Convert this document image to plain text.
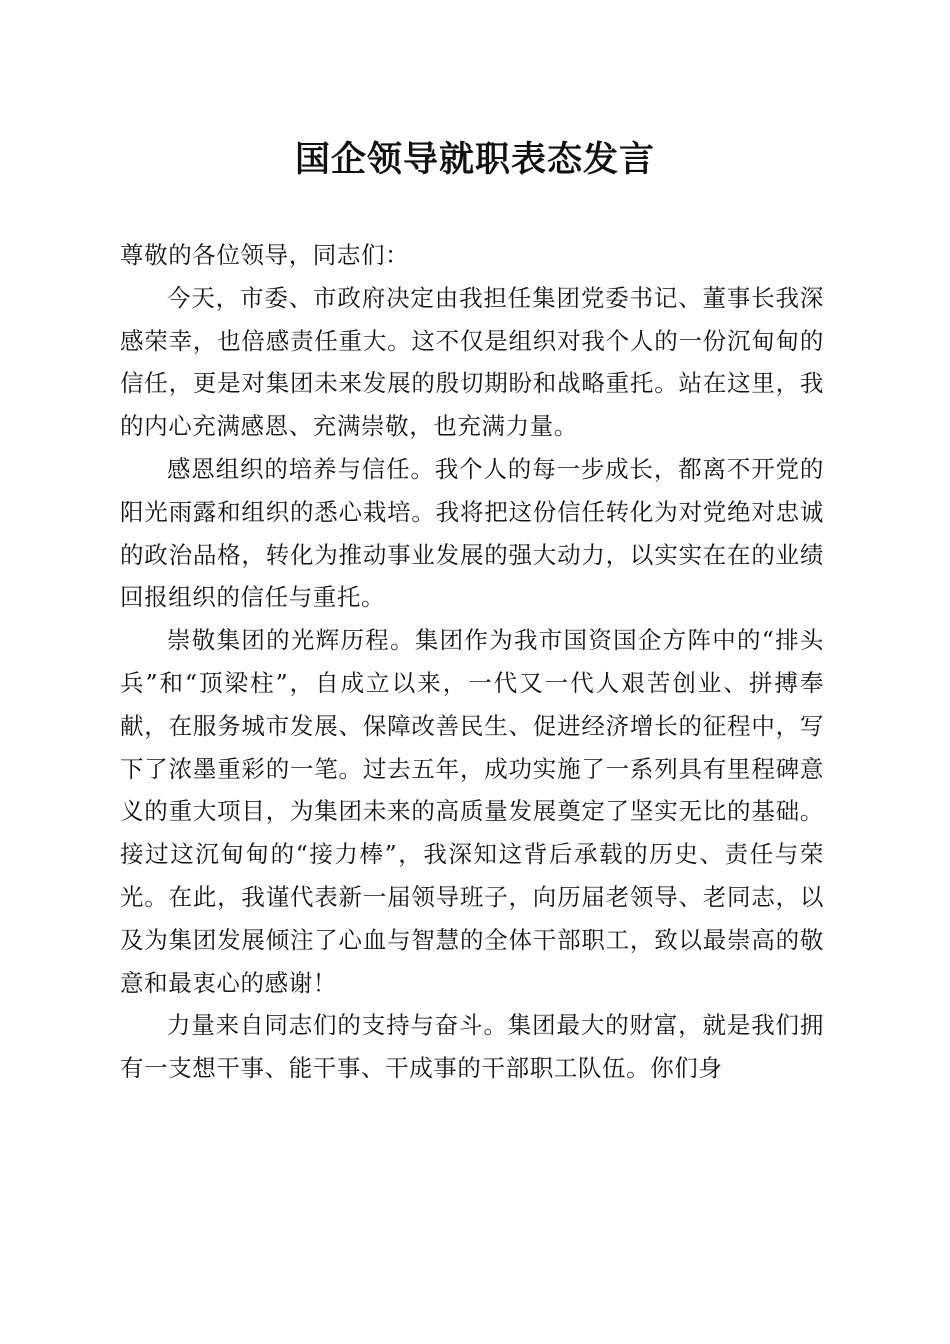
国企领导就职表态发言

尊敬的各位领导，同志们：

今天，市委、市政府决定由我担任集团党委书记、董事长我深感荣幸，也倍感责任重大。这不仅是组织对我个人的一份沉甸甸的信任，更是对集团未来发展的殷切期盼和战略重托。站在这里，我的内心充满感恩、充满崇敬，也充满力量。

感恩组织的培养与信任。我个人的每一步成长，都离不开党的阳光雨露和组织的悉心栽培。我将把这份信任转化为对党绝对忠诚的政治品格，转化为推动事业发展的强大动力，以实实在在的业绩回报组织的信任与重托。

崇敬集团的光辉历程。集团作为我市国资国企方阵中的“排头兵”和“顶梁柱”，自成立以来，一代又一代人艰苦创业、拼搏奉献，在服务城市发展、保障改善民生、促进经济增长的征程中，写下了浓墨重彩的一笔。过去五年，成功实施了一系列具有里程碑意义的重大项目，为集团未来的高质量发展奠定了坚实无比的基础。接过这沉甸甸的“接力棒”，我深知这背后承载的历史、责任与荣光。在此，我谨代表新一届领导班子，向历届老领导、老同志，以及为集团发展倾注了心血与智慧的全体干部职工，致以最崇高的敬意和最衷心的感谢！

力量来自同志们的支持与奋斗。集团最大的财富，就是我们拥有一支想干事、能干事、干成事的干部职工队伍。你们身
